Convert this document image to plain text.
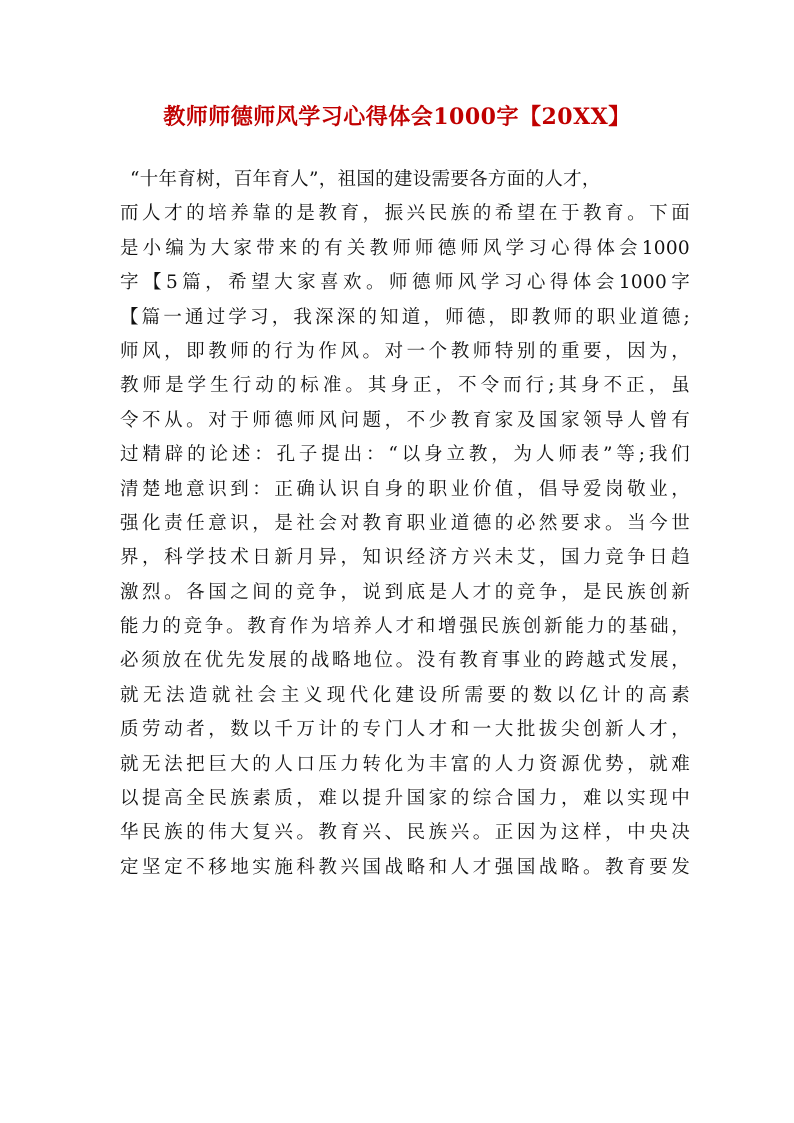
教师师德师风学习心得体会1000字【20XX】
“十年育树，百年育人”，祖国的建设需要各方面的人才，
而人才的培养靠的是教育，振兴民族的希望在于教育。下面
是小编为大家带来的有关教师师德师风学习心得体会1000
字【5篇，希望大家喜欢。师德师风学习心得体会1000字
【篇一通过学习，我深深的知道，师德，即教师的职业道德;
师风，即教师的行为作风。对一个教师特别的重要，因为，
教师是学生行动的标准。其身正，不令而行;其身不正，虽
令不从。对于师德师风问题，不少教育家及国家领导人曾有
过精辟的论述：孔子提出：“以身立教，为人师表”等;我们
清楚地意识到：正确认识自身的职业价值，倡导爱岗敬业，
强化责任意识，是社会对教育职业道德的必然要求。当今世
界，科学技术日新月异，知识经济方兴未艾，国力竞争日趋
激烈。各国之间的竞争，说到底是人才的竞争，是民族创新
能力的竞争。教育作为培养人才和增强民族创新能力的基础，
必须放在优先发展的战略地位。没有教育事业的跨越式发展，
就无法造就社会主义现代化建设所需要的数以亿计的高素
质劳动者，数以千万计的专门人才和一大批拔尖创新人才，
就无法把巨大的人口压力转化为丰富的人力资源优势，就难
以提高全民族素质，难以提升国家的综合国力，难以实现中
华民族的伟大复兴。教育兴、民族兴。正因为这样，中央决
定坚定不移地实施科教兴国战略和人才强国战略。教育要发
